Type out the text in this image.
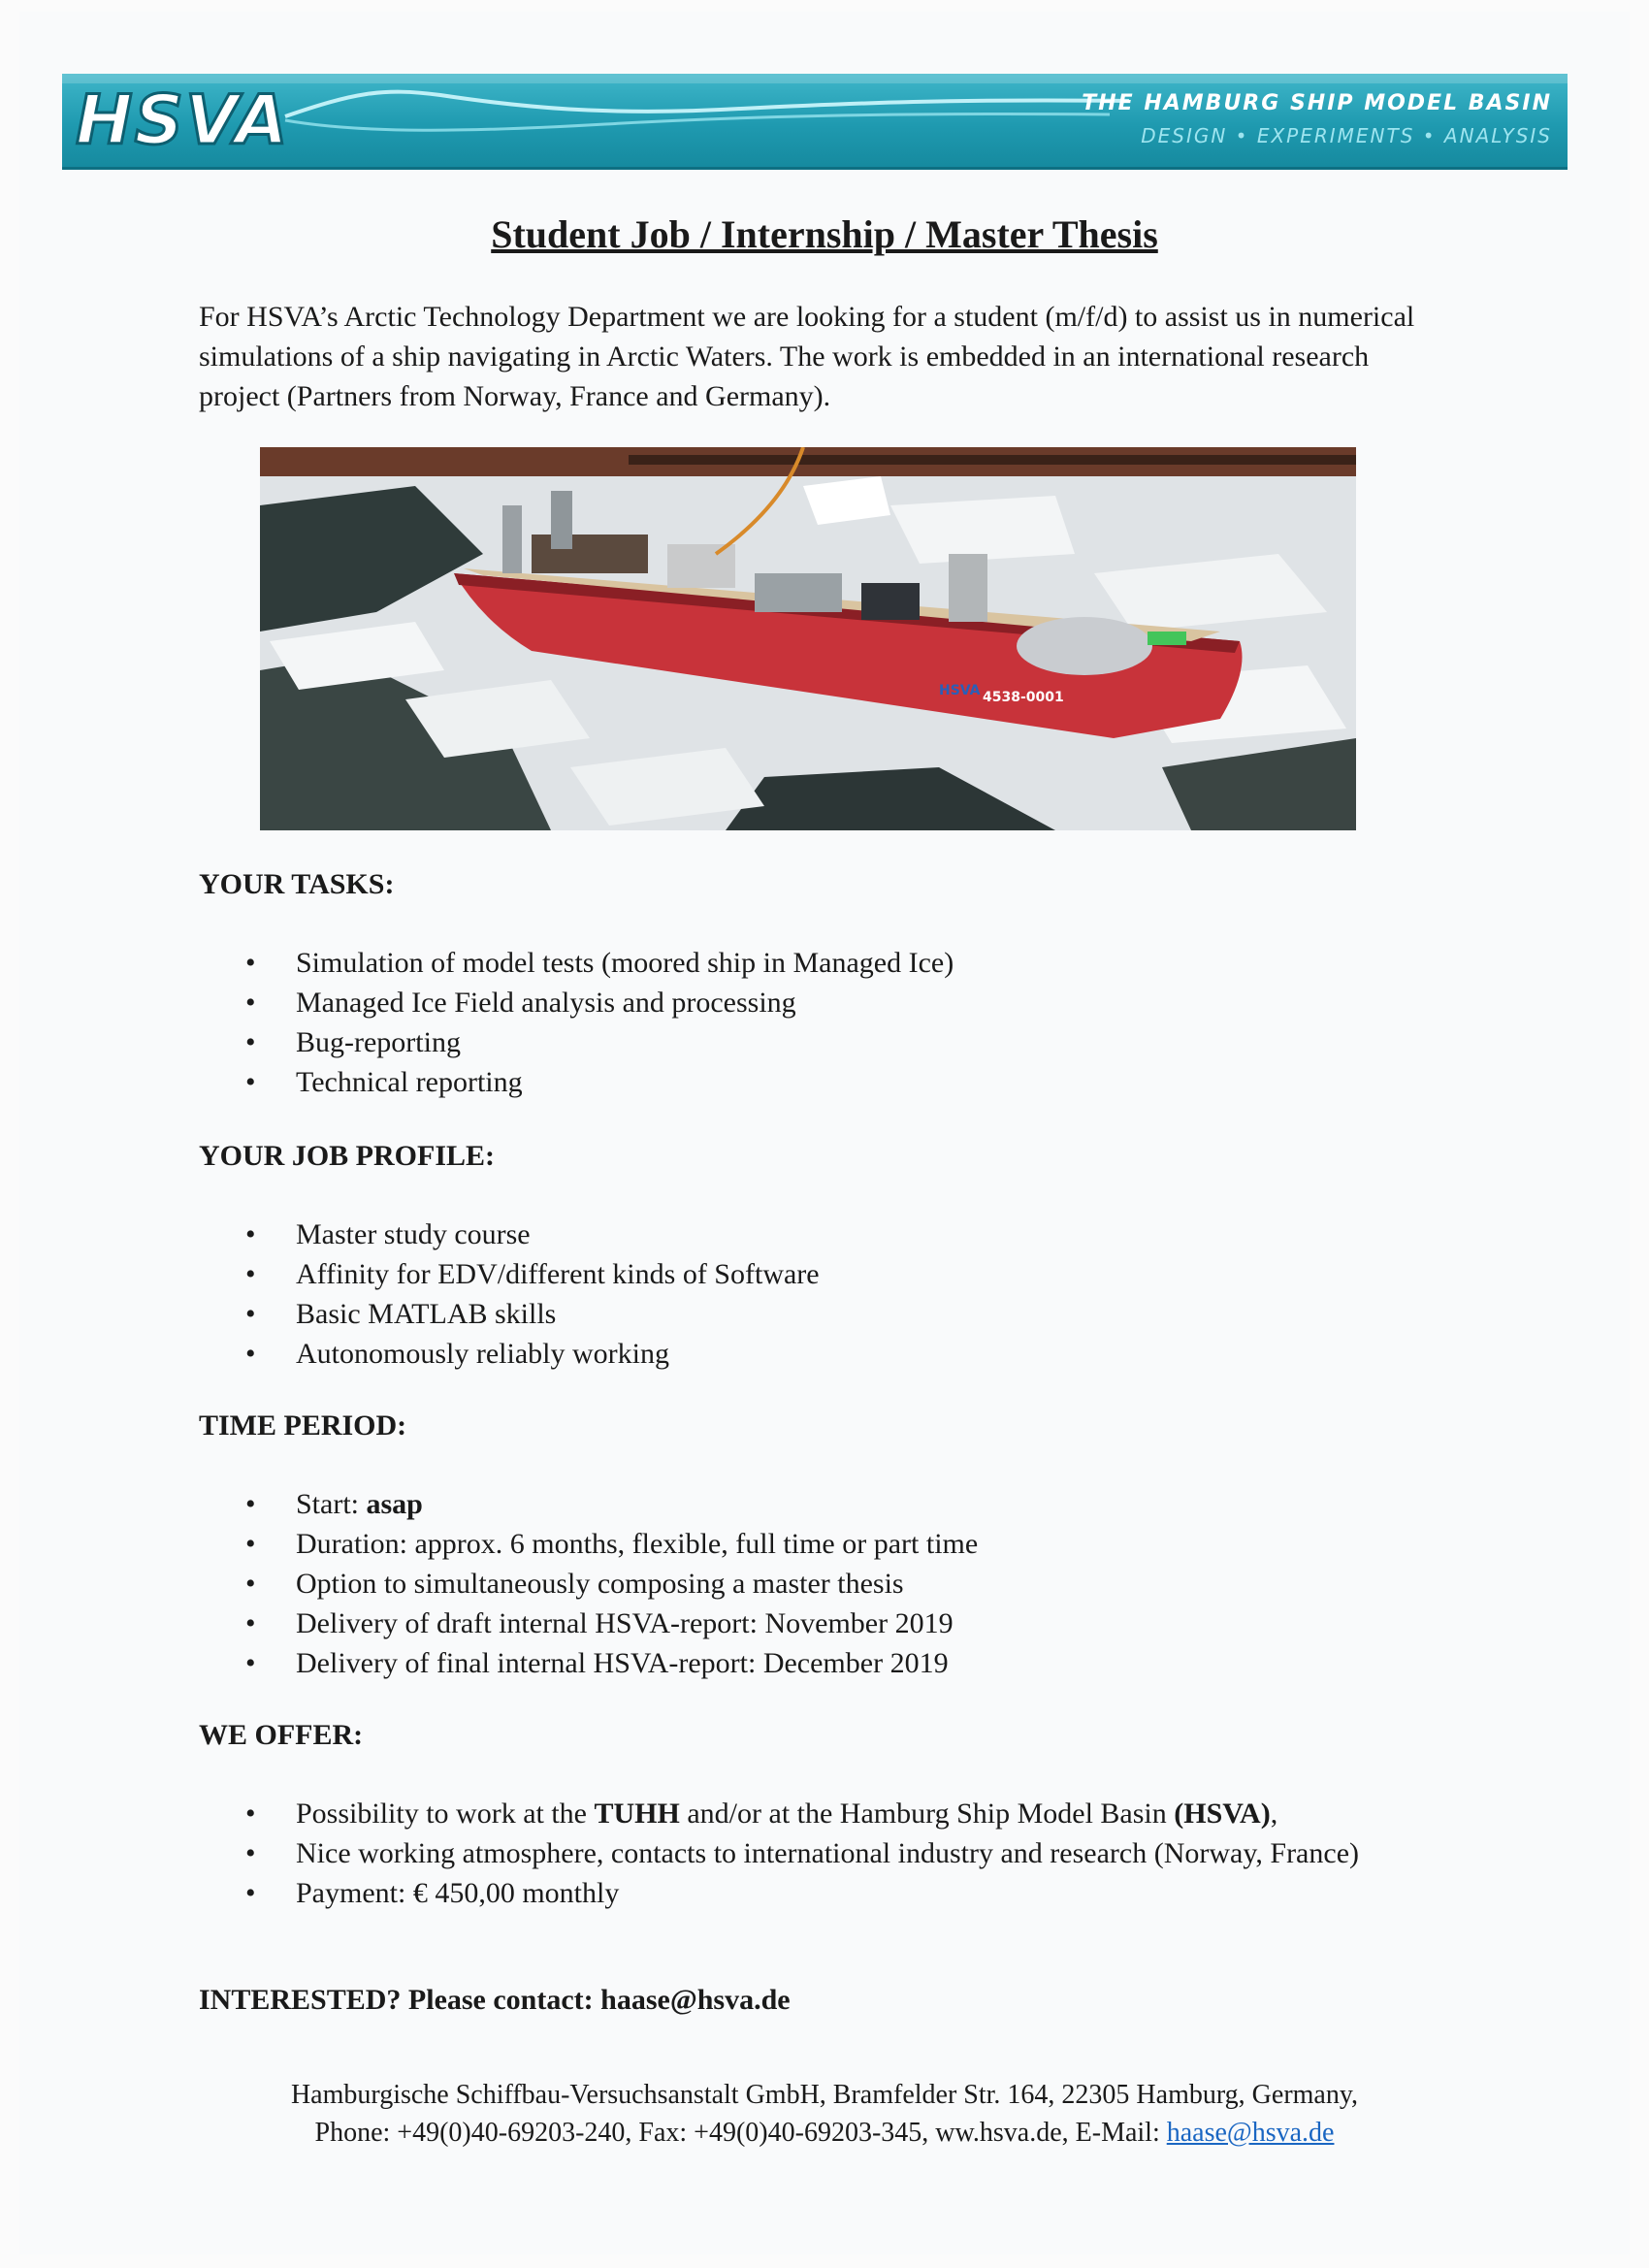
HSVA	THE HAMBURG SHIP MODEL BASIN
DESIGN • EXPERIMENTS • ANALYSIS
Student Job / Internship / Master Thesis
For HSVA’s Arctic Technology Department we are looking for a student (m/f/d) to assist us in numerical simulations of a ship navigating in Arctic Waters. The work is embedded in an international research project (Partners from Norway, France and Germany).
HSVA 4538-0001
YOUR TASKS:
• Simulation of model tests (moored ship in Managed Ice)
• Managed Ice Field analysis and processing
• Bug-reporting
• Technical reporting
YOUR JOB PROFILE:
• Master study course
• Affinity for EDV/different kinds of Software
• Basic MATLAB skills
• Autonomously reliably working
TIME PERIOD:
• Start: asap
• Duration: approx. 6 months, flexible, full time or part time
• Option to simultaneously composing a master thesis
• Delivery of draft internal HSVA-report: November 2019
• Delivery of final internal HSVA-report: December 2019
WE OFFER:
• Possibility to work at the TUHH and/or at the Hamburg Ship Model Basin (HSVA),
• Nice working atmosphere, contacts to international industry and research (Norway, France)
• Payment: € 450,00 monthly
INTERESTED? Please contact: haase@hsva.de
Hamburgische Schiffbau-Versuchsanstalt GmbH, Bramfelder Str. 164, 22305 Hamburg, Germany,
Phone: +49(0)40-69203-240, Fax: +49(0)40-69203-345, ww.hsva.de, E-Mail: haase@hsva.de
